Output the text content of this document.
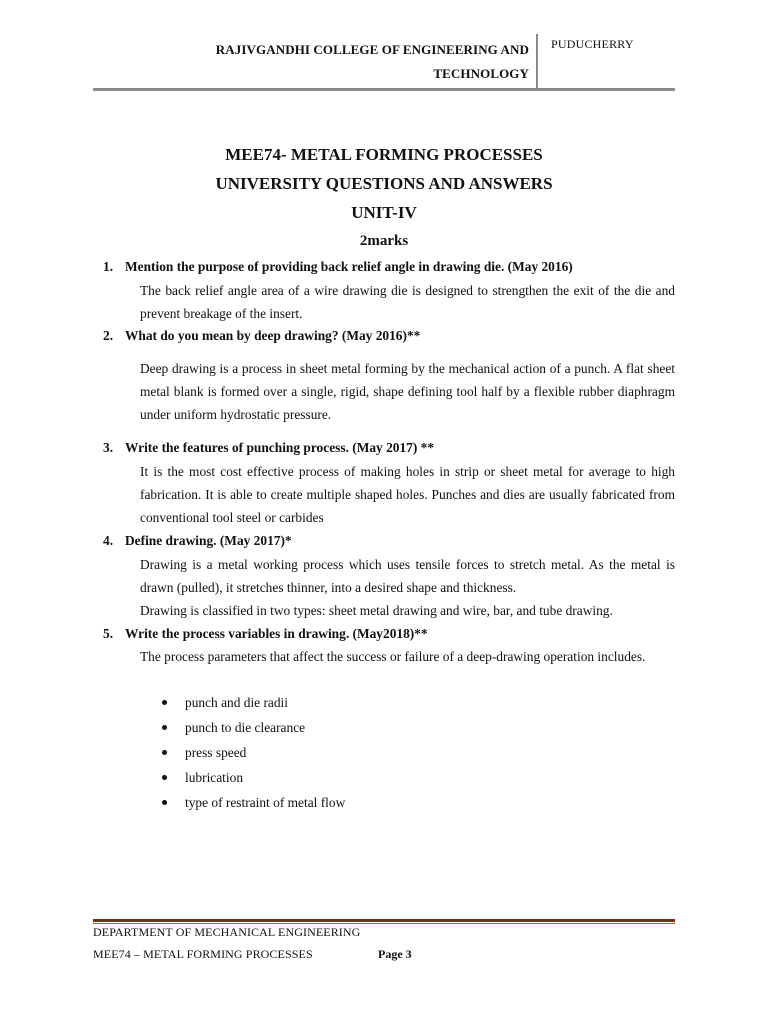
RAJIVGANDHI COLLEGE OF ENGINEERING AND
TECHNOLOGY
PUDUCHERRY
MEE74- METAL FORMING PROCESSES
UNIVERSITY QUESTIONS AND ANSWERS
UNIT-IV
2marks
1. Mention the purpose of providing back relief angle in drawing die. (May 2016)

The back relief angle area of a wire drawing die is designed to strengthen the exit of the die and prevent breakage of the insert.

2. What do you mean by deep drawing? (May 2016)**

Deep drawing is a process in sheet metal forming by the mechanical action of a punch. A flat sheet metal blank is formed over a single, rigid, shape defining tool half by a flexible rubber diaphragm under uniform hydrostatic pressure.

3. Write the features of punching process. (May 2017) **

It is the most cost effective process of making holes in strip or sheet metal for average to high fabrication. It is able to create multiple shaped holes. Punches and dies are usually fabricated from conventional tool steel or carbides

4. Define drawing. (May 2017)*

Drawing is a metal working process which uses tensile forces to stretch metal. As the metal is drawn (pulled), it stretches thinner, into a desired shape and thickness.

Drawing is classified in two types: sheet metal drawing and wire, bar, and tube drawing.

5. Write the process variables in drawing. (May2018)**

The process parameters that affect the success or failure of a deep-drawing operation includes.

punch and die radii
punch to die clearance
press speed
lubrication
type of restraint of metal flow
DEPARTMENT OF MECHANICAL ENGINEERING
MEE74 – METAL FORMING PROCESSES	Page 3
